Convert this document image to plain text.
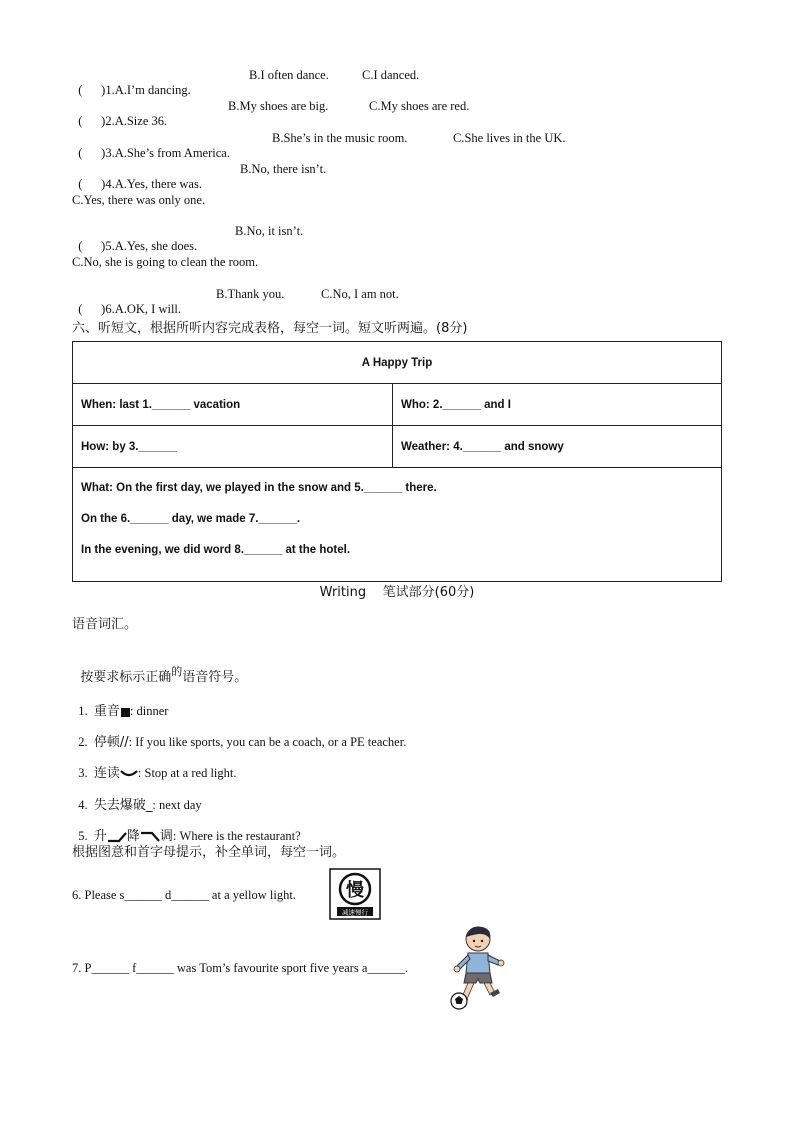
(      )1.A.I’m dancing.

B.I often dance.	C.I danced.

(      )2.A.Size 36.

B.My shoes are big.	C.My shoes are red.

(      )3.A.She’s from America.

B.She’s in the music room.	C.She lives in the UK.

(      )4.A.Yes, there was.

B.No, there isn’t.
C.Yes, there was only one.

(      )5.A.Yes, she does.

B.No, it isn’t.
C.No, she is going to clean the room.

(      )6.A.OK, I will.

B.Thank you.	C.No, I am not.
六、听短文，根据所听内容完成表格，每空一词。短文听两遍。(8分)
A Happy Trip	
When: last 1.______ vacation	Who: 2.______ and I
How: by 3.______	Weather: 4.______ and snowy

What: On the first day, we played in the snow and 5.______ there.
On the 6.______ day, we made 7.______.
In the evening, we did word 8.______ at the hotel.	
Writing    笔试部分(60分)
语音词汇。

按要求标示正确$^的$语音符号。

1. 重音 : dinner

2. 停顿//: If you like sports, you can be a coach, or a PE teacher.

3. 连读 : Stop at a red light.

4. 失去爆破_: next day

5. 升 降 调: Where is the restaurant?

根据图意和首字母提示，补全单词，每空一词。
6. Please s______ d______ at a yellow light.	慢
减速慢行
7. P______ f______ was Tom’s favourite sport five years a______.
